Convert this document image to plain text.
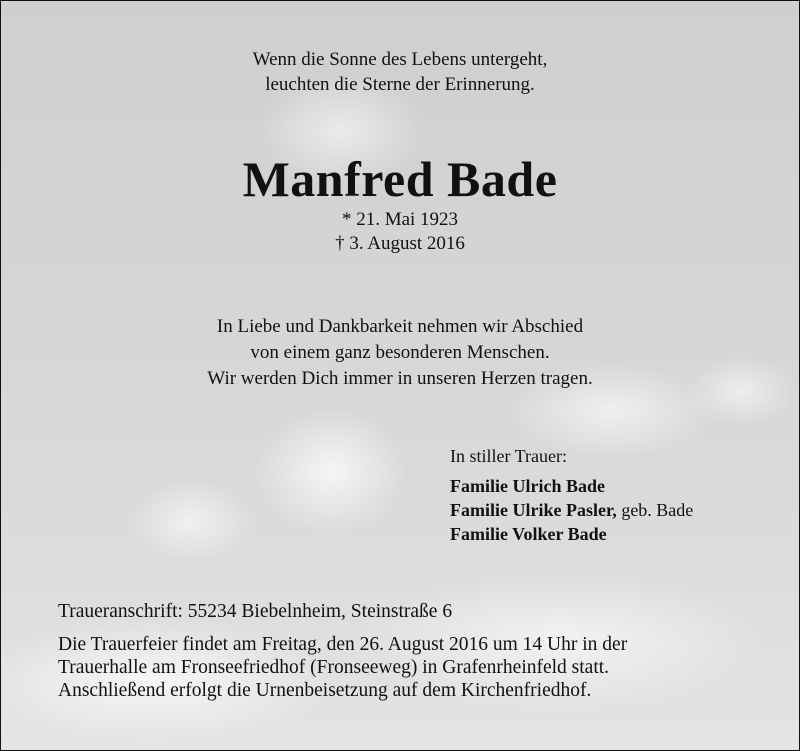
Wenn die Sonne des Lebens untergeht,
leuchten die Sterne der Erinnerung.
Manfred Bade
* 21. Mai 1923
† 3. August 2016
In Liebe und Dankbarkeit nehmen wir Abschied
von einem ganz besonderen Menschen.
Wir werden Dich immer in unseren Herzen tragen.
In stiller Trauer:
Familie Ulrich Bade
Familie Ulrike Pasler, geb. Bade
Familie Volker Bade
Traueranschrift: 55234 Biebelnheim, Steinstraße 6
Die Trauerfeier findet am Freitag, den 26. August 2016 um 14 Uhr in der
Trauerhalle am Fronseefriedhof (Fronseeweg) in Grafenrheinfeld statt.
Anschließend erfolgt die Urnenbeisetzung auf dem Kirchenfriedhof.
